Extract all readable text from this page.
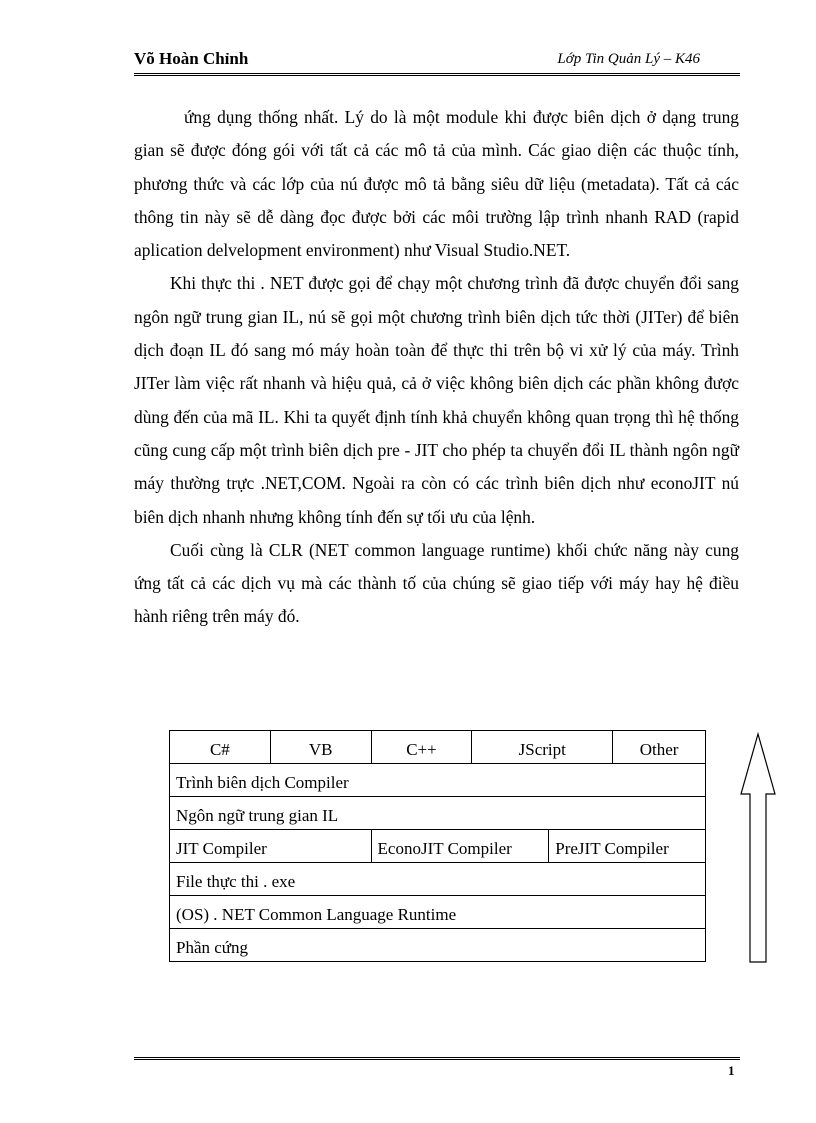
Võ Hoàn Chỉnh	Lớp Tin Quản Lý – K46

ứng dụng thống nhất. Lý do là một module khi được biên dịch ở dạng trung gian sẽ được đóng gói với tất cả các mô tả của mình. Các giao diện các thuộc tính, phương thức và các lớp của nú được mô tả bằng siêu dữ liệu (metadata). Tất cả các thông tin này sẽ dễ dàng đọc được bởi các môi trường lập trình nhanh RAD (rapid aplication delvelopment environment) như Visual Studio.NET.

Khi thực thi . NET được gọi để chạy một chương trình đã được chuyển đổi sang ngôn ngữ trung gian IL, nú sẽ gọi một chương trình biên dịch tức thời (JITer) để biên dịch đoạn IL đó sang mó máy hoàn toàn để thực thi trên bộ vi xử lý của máy. Trình JITer làm việc rất nhanh và hiệu quả, cả ở việc không biên dịch các phần không được dùng đến của mã IL. Khi ta quyết định tính khả chuyển không quan trọng thì hệ thống cũng cung cấp một trình biên dịch pre - JIT cho phép ta chuyển đổi IL thành ngôn ngữ máy thường trực .NET,COM. Ngoài ra còn có các trình biên dịch như econoJIT nú biên dịch nhanh nhưng không tính đến sự tối ưu của lệnh.

Cuối cùng là CLR (NET common language runtime) khối chức năng này cung ứng tất cả các dịch vụ mà các thành tố của chúng sẽ giao tiếp với máy hay hệ điều hành riêng trên máy đó.

C#	VB	C++	JScript		Other
Trình biên dịch Compiler					
Ngôn ngữ trung gian IL					
JIT Compiler		EconoJIT Compiler		PreJIT Compiler	
File thực thi . exe					
(OS) . NET Common Language Runtime					
Phần cứng					
1
